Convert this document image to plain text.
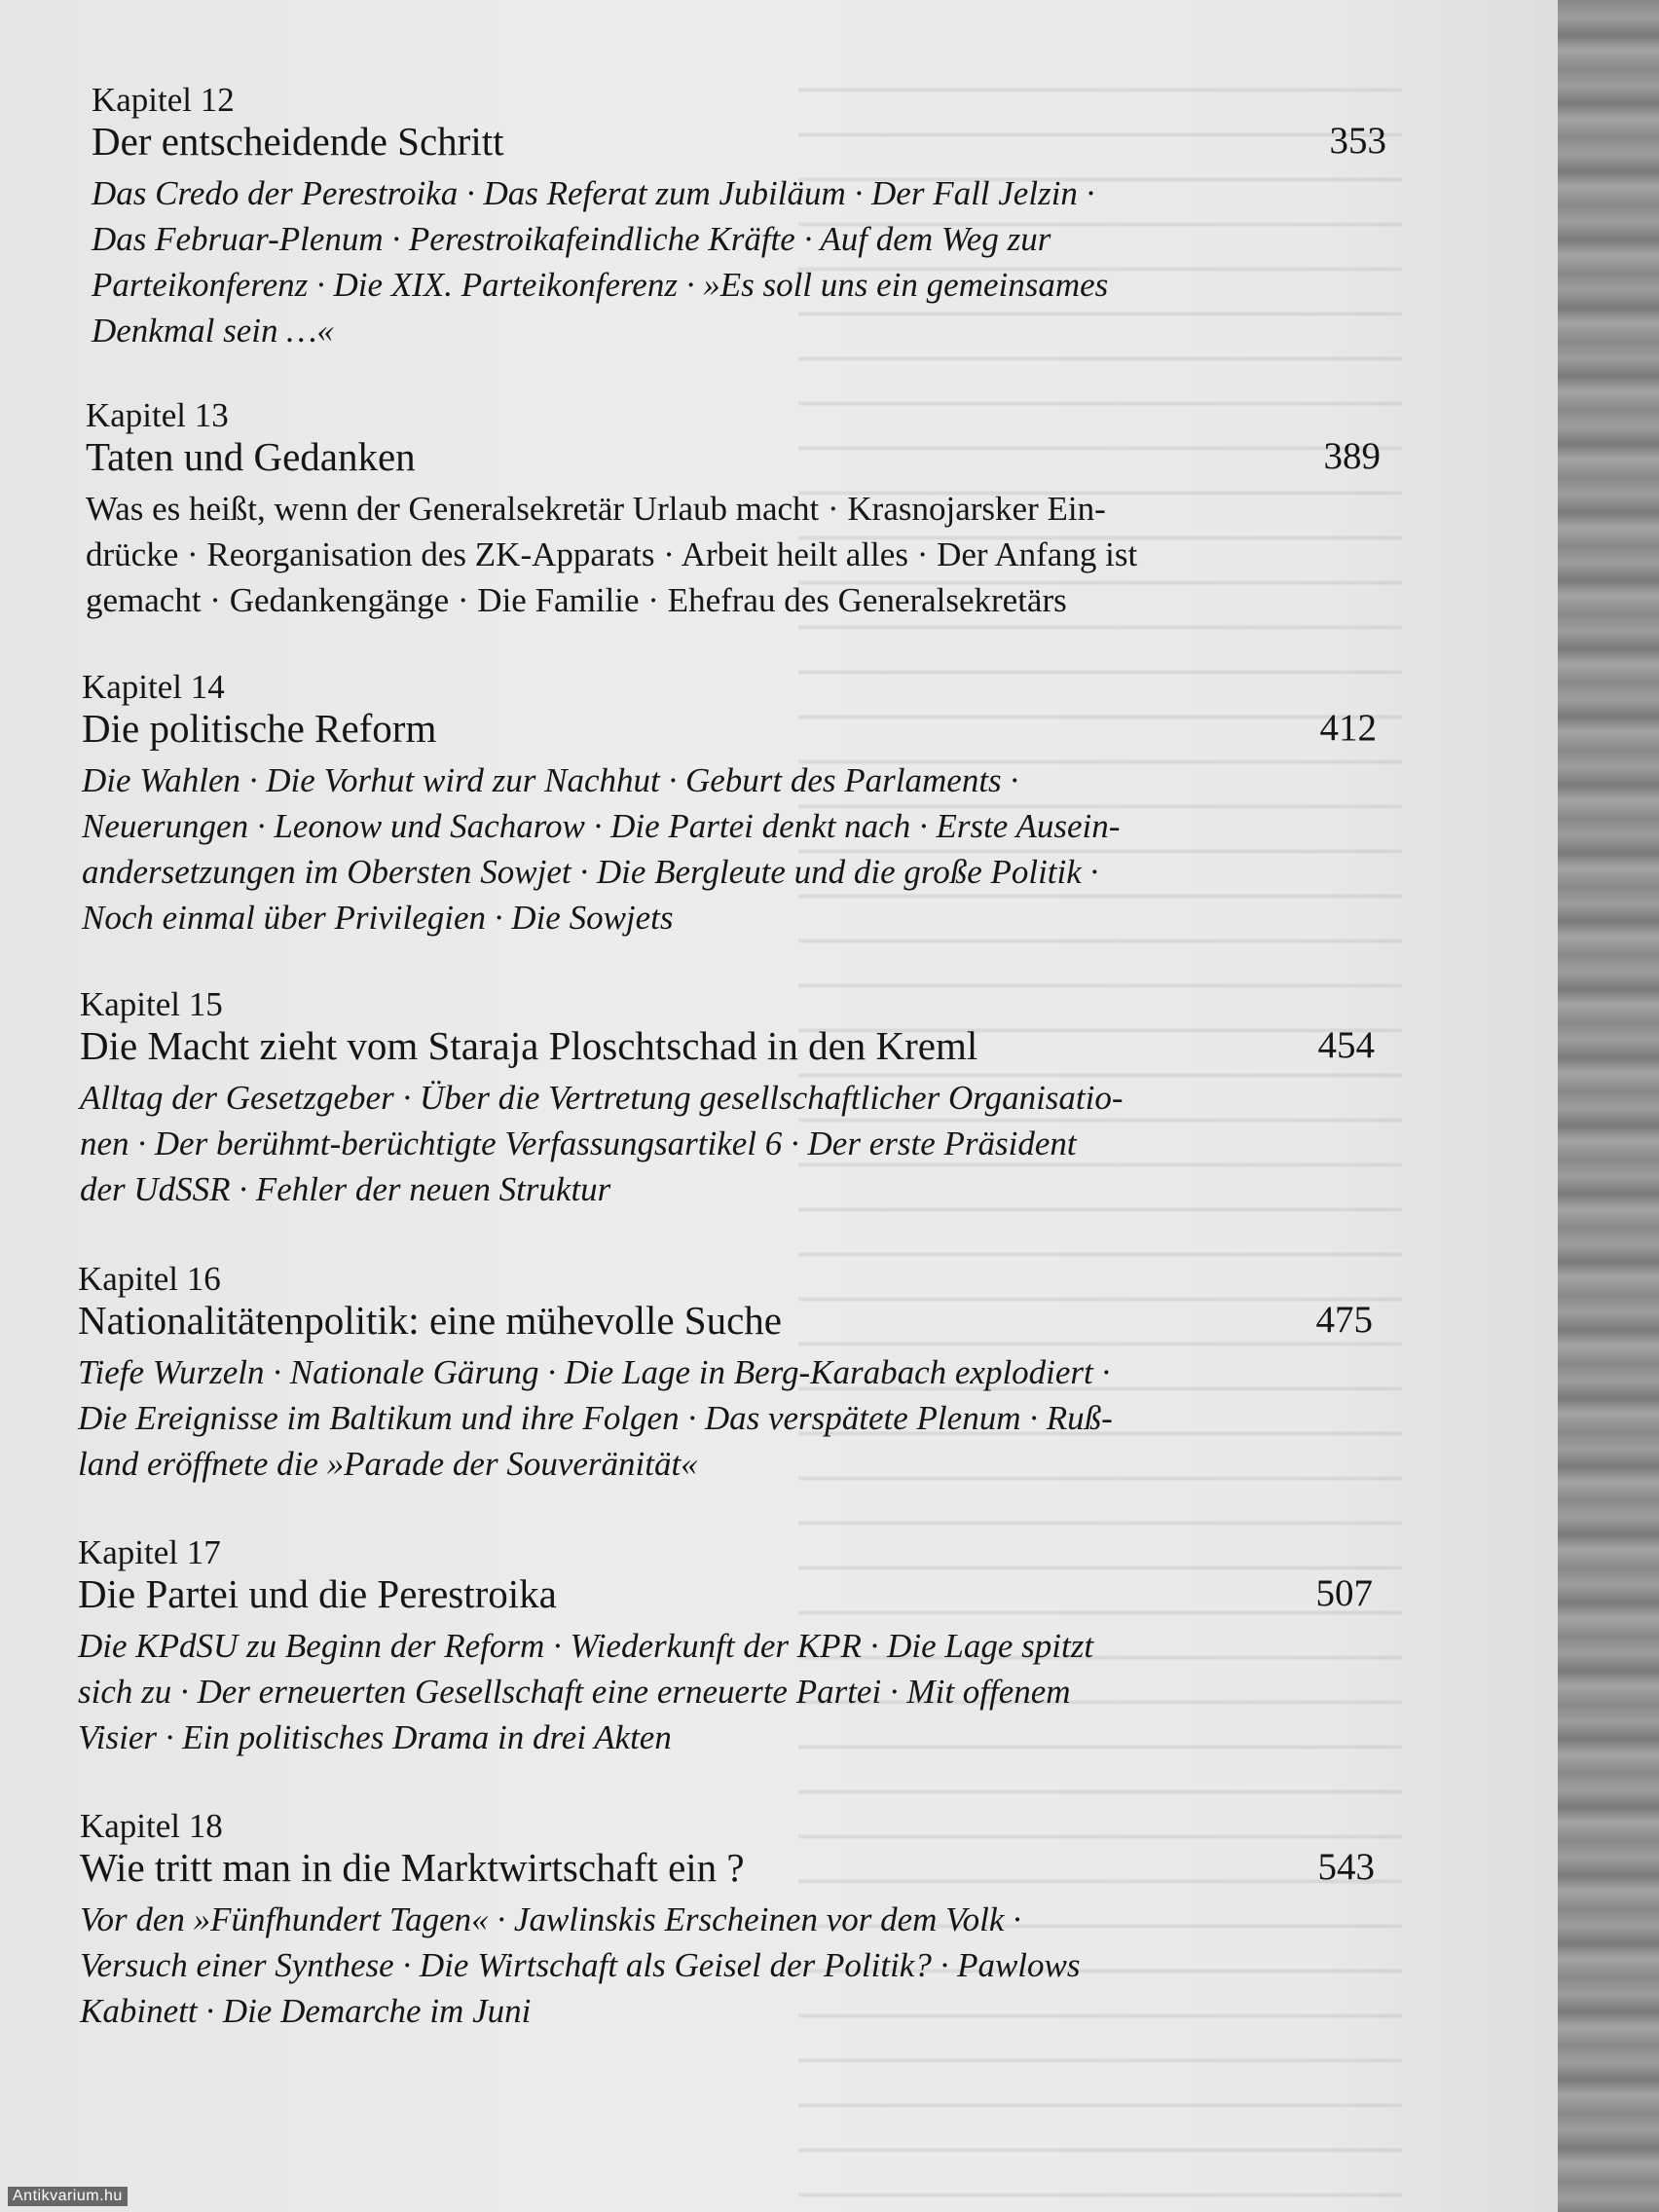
Kapitel 12
Der entscheidende Schritt	353
Das Credo der Perestroika · Das Referat zum Jubiläum · Der Fall Jelzin ·
Das Februar-Plenum · Perestroikafeindliche Kräfte · Auf dem Weg zur
Parteikonferenz · Die XIX. Parteikonferenz · »Es soll uns ein gemeinsames
Denkmal sein …«
Kapitel 13
Taten und Gedanken	389
Was es heißt, wenn der Generalsekretär Urlaub macht · Krasnojarsker Ein-
drücke · Reorganisation des ZK-Apparats · Arbeit heilt alles · Der Anfang ist
gemacht · Gedankengänge · Die Familie · Ehefrau des Generalsekretärs
Kapitel 14
Die politische Reform	412
Die Wahlen · Die Vorhut wird zur Nachhut · Geburt des Parlaments ·
Neuerungen · Leonow und Sacharow · Die Partei denkt nach · Erste Ausein-
andersetzungen im Obersten Sowjet · Die Bergleute und die große Politik ·
Noch einmal über Privilegien · Die Sowjets
Kapitel 15
Die Macht zieht vom Staraja Ploschtschad in den Kreml	454
Alltag der Gesetzgeber · Über die Vertretung gesellschaftlicher Organisatio-
nen · Der berühmt-berüchtigte Verfassungsartikel 6 · Der erste Präsident
der UdSSR · Fehler der neuen Struktur
Kapitel 16
Nationalitätenpolitik: eine mühevolle Suche	475
Tiefe Wurzeln · Nationale Gärung · Die Lage in Berg-Karabach explodiert ·
Die Ereignisse im Baltikum und ihre Folgen · Das verspätete Plenum · Ruß-
land eröffnete die »Parade der Souveränität«
Kapitel 17
Die Partei und die Perestroika	507
Die KPdSU zu Beginn der Reform · Wiederkunft der KPR · Die Lage spitzt
sich zu · Der erneuerten Gesellschaft eine erneuerte Partei · Mit offenem
Visier · Ein politisches Drama in drei Akten
Kapitel 18
Wie tritt man in die Marktwirtschaft ein ?	543
Vor den »Fünfhundert Tagen« · Jawlinskis Erscheinen vor dem Volk ·
Versuch einer Synthese · Die Wirtschaft als Geisel der Politik? · Pawlows
Kabinett · Die Demarche im Juni
Antikvarium.hu
